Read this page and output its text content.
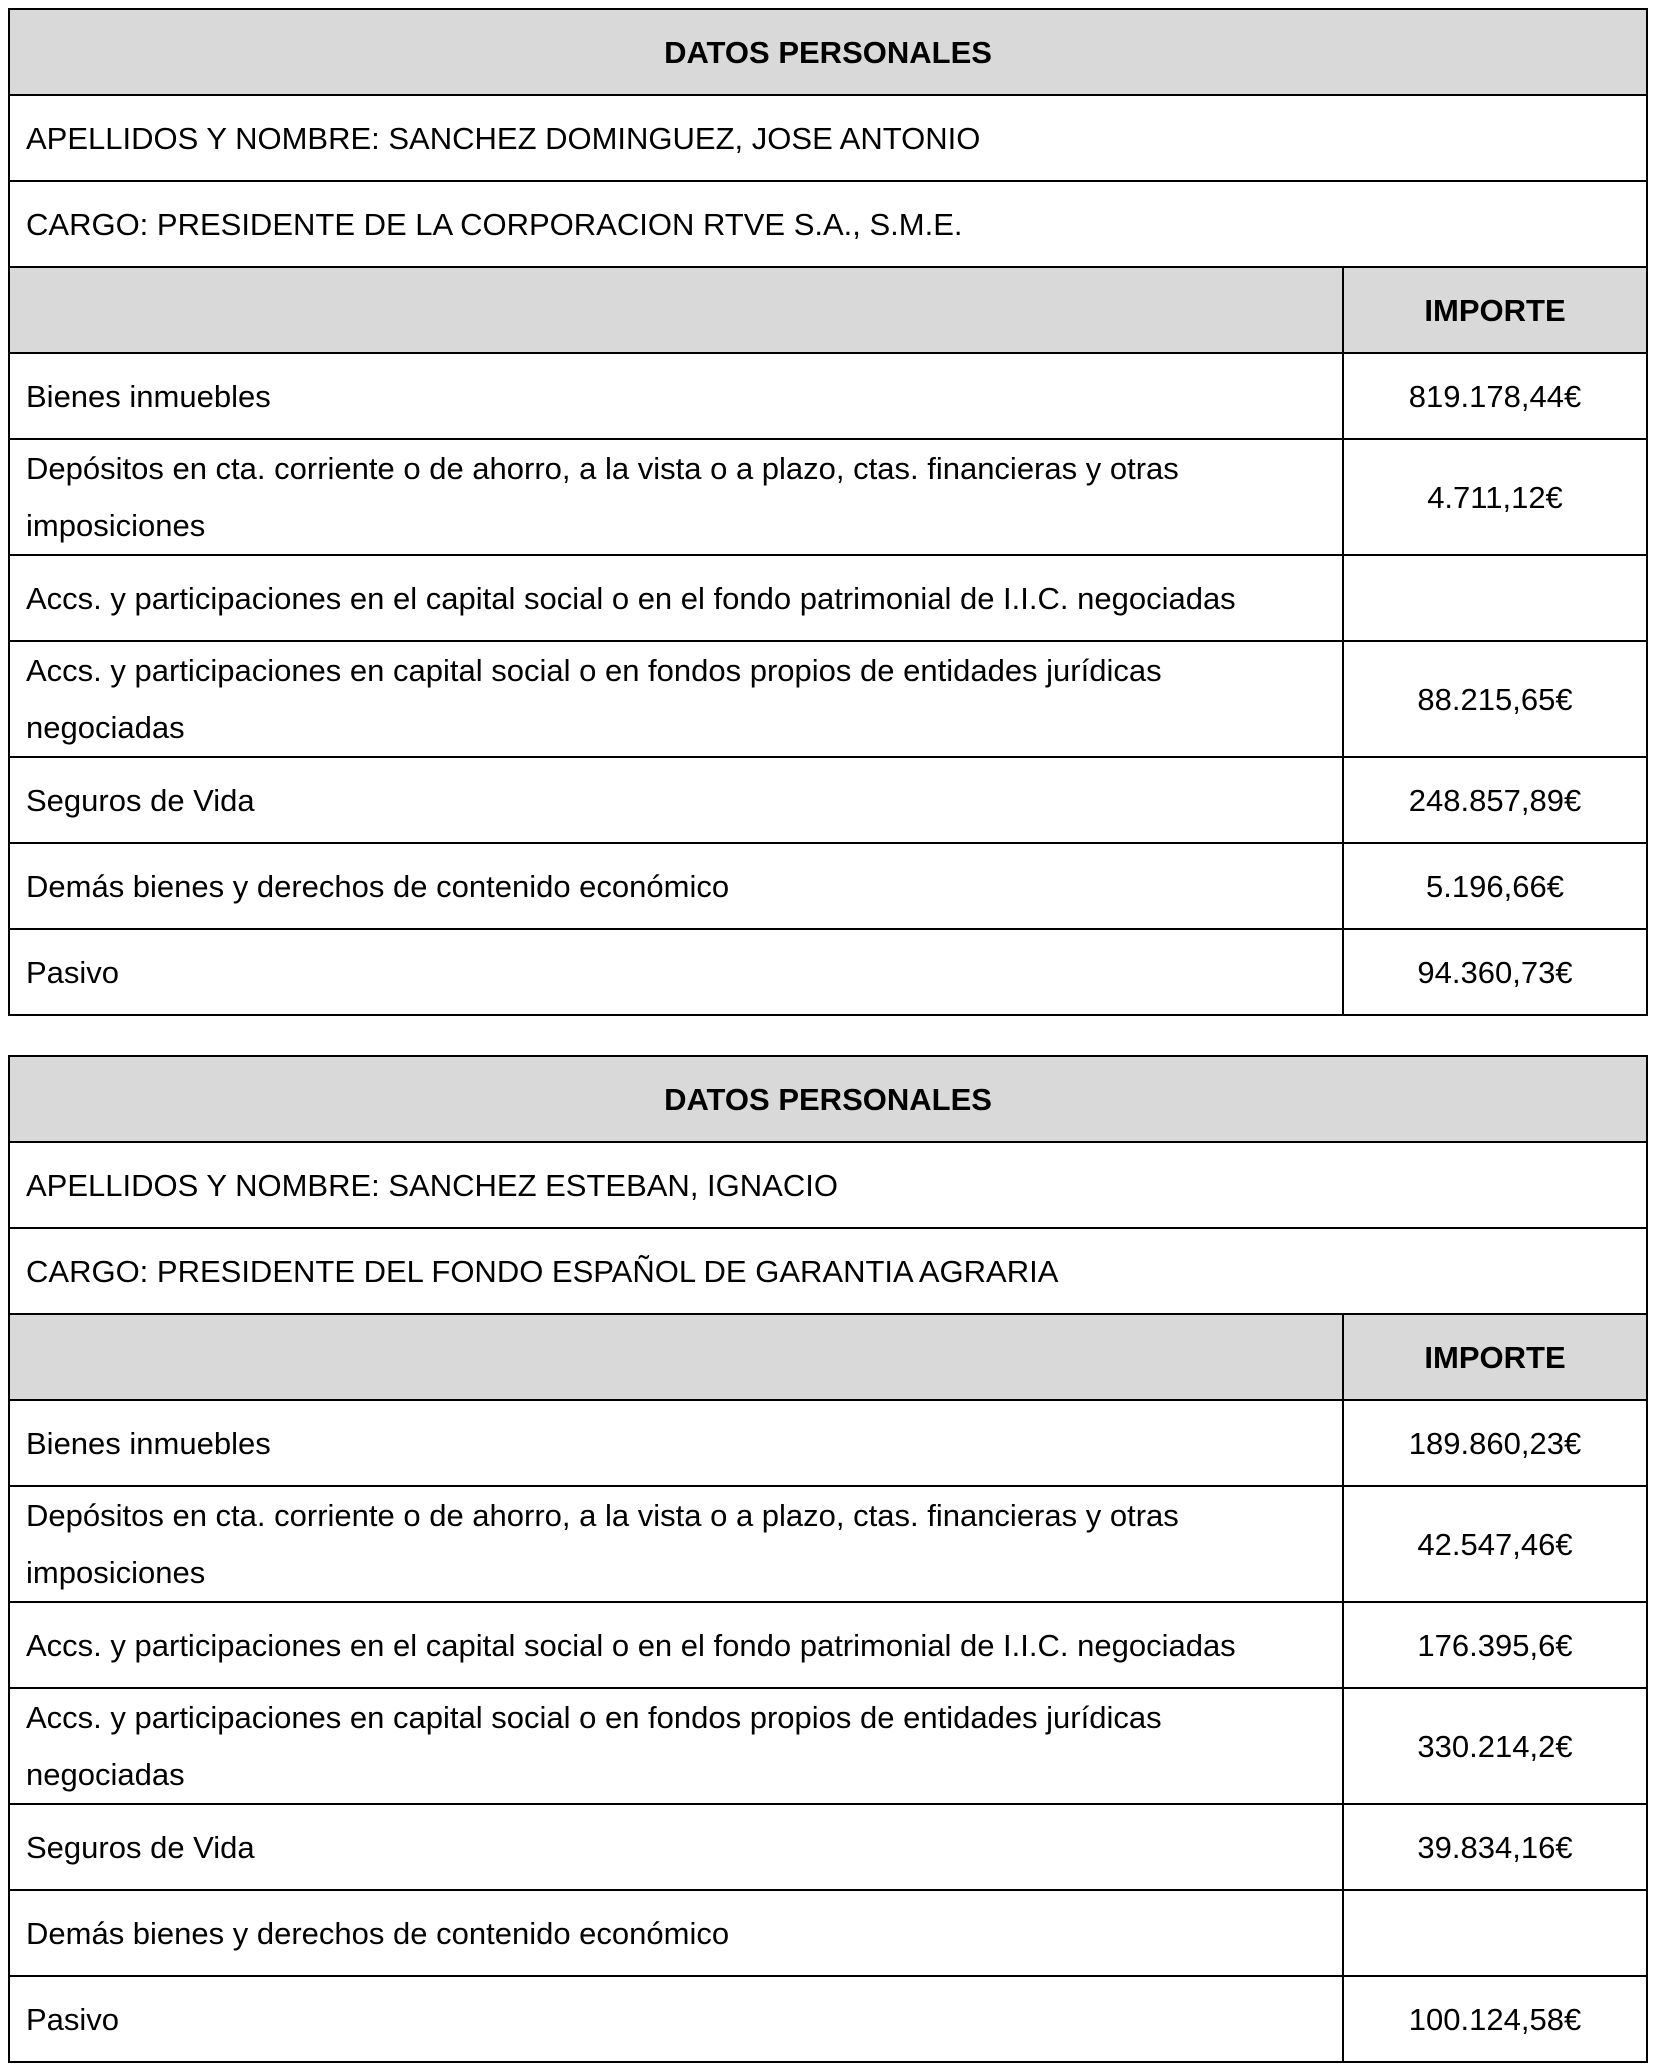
DATOS PERSONALES	
APELLIDOS Y NOMBRE: SANCHEZ DOMINGUEZ, JOSE ANTONIO	
CARGO: PRESIDENTE DE LA CORPORACION RTVE S.A., S.M.E.	
	IMPORTE
Bienes inmuebles	819.178,44€
Depósitos en cta. corriente o de ahorro, a la vista o a plazo, ctas. financieras y otras imposiciones	4.711,12€
Accs. y participaciones en el capital social o en el fondo patrimonial de I.I.C. negociadas	
Accs. y participaciones en capital social o en fondos propios de entidades jurídicas negociadas	88.215,65€
Seguros de Vida	248.857,89€
Demás bienes y derechos de contenido económico	5.196,66€
Pasivo	94.360,73€
DATOS PERSONALES	
APELLIDOS Y NOMBRE: SANCHEZ ESTEBAN, IGNACIO	
CARGO: PRESIDENTE DEL FONDO ESPAÑOL DE GARANTIA AGRARIA	
	IMPORTE
Bienes inmuebles	189.860,23€
Depósitos en cta. corriente o de ahorro, a la vista o a plazo, ctas. financieras y otras imposiciones	42.547,46€
Accs. y participaciones en el capital social o en el fondo patrimonial de I.I.C. negociadas	176.395,6€
Accs. y participaciones en capital social o en fondos propios de entidades jurídicas negociadas	330.214,2€
Seguros de Vida	39.834,16€
Demás bienes y derechos de contenido económico	
Pasivo	100.124,58€
